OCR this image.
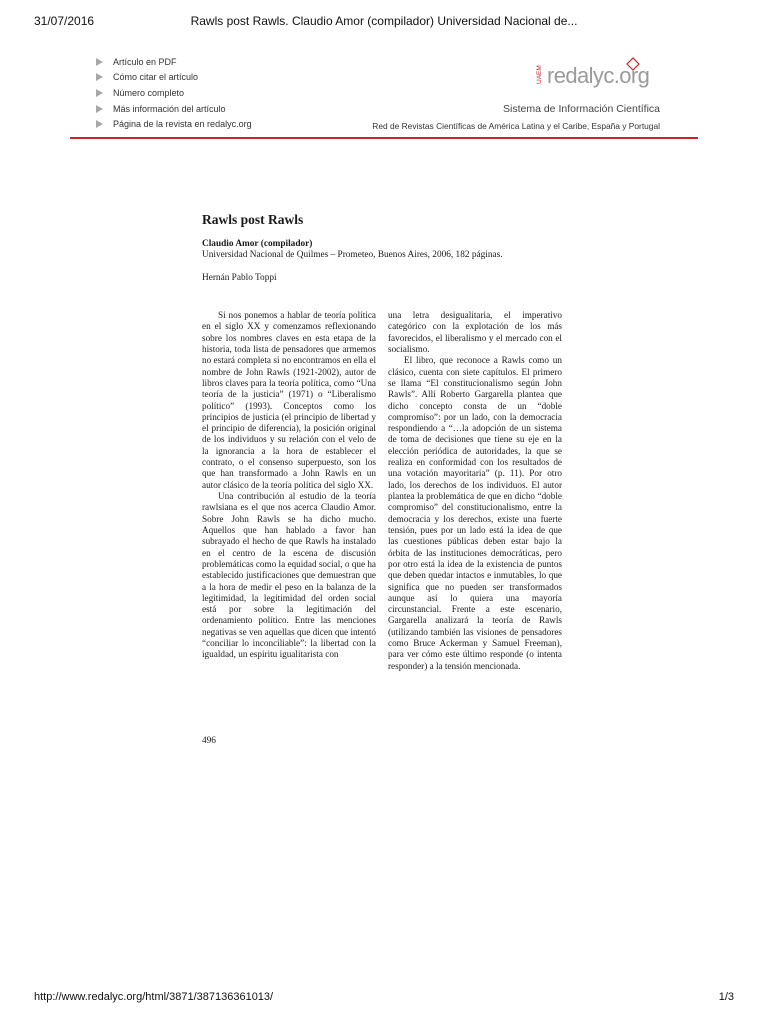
31/07/2016	Rawls post Rawls. Claudio Amor (compilador) Universidad Nacional de...
Artículo en PDF
Cómo citar el artículo
Número completo
Más información del artículo
Página de la revista en redalyc.org
UAEM redalyc.org
Sistema de Información Científica
Red de Revistas Científicas de América Latina y el Caribe, España y Portugal
Rawls post Rawls
Claudio Amor (compilador)
Universidad Nacional de Quilmes – Prometeo, Buenos Aires, 2006, 182 páginas.
Hernán Pablo Toppi

Si nos ponemos a hablar de teoría política en el siglo XX y comenzamos reflexionando sobre los nombres claves en esta etapa de la historia, toda lista de pensadores que armemos no estará completa si no encontramos en ella el nombre de John Rawls (1921-2002), autor de libros claves para la teoría política, como “Una teoría de la justicia” (1971) o “Liberalismo político” (1993). Conceptos como los principios de justicia (el principio de libertad y el principio de diferencia), la posición original de los individuos y su relación con el velo de la ignorancia a la hora de establecer el contrato, o el consenso superpuesto, son los que han transformado a John Rawls en un autor clásico de la teoría política del siglo XX.

Una contribución al estudio de la teoría rawlsiana es el que nos acerca Claudio Amor. Sobre John Rawls se ha dicho mucho. Aquellos que han hablado a favor han subrayado el hecho de que Rawls ha instalado en el centro de la escena de discusión problemáticas como la equidad social, o que ha establecido justificaciones que demuestran que a la hora de medir el peso en la balanza de la legitimidad, la legitimidad del orden social está por sobre la legitimación del ordenamiento político. Entre las menciones negativas se ven aquellas que dicen que intentó “conciliar lo inconciliable”: la libertad con la igualdad, un espíritu igualitarista con

una letra desigualitaria, el imperativo categórico con la explotación de los más favorecidos, el liberalismo y el mercado con el socialismo.

El libro, que reconoce a Rawls como un clásico, cuenta con siete capítulos. El primero se llama “El constitucionalismo según John Rawls”. Allí Roberto Gargarella plantea que dicho concepto consta de un “doble compromiso”: por un lado, con la democracia respondiendo a “…la adopción de un sistema de toma de decisiones que tiene su eje en la elección periódica de autoridades, la que se realiza en conformidad con los resultados de una votación mayoritaria” (p. 11). Por otro lado, los derechos de los individuos. El autor plantea la problemática de que en dicho “doble compromiso” del constitucionalismo, entre la democracia y los derechos, existe una fuerte tensión, pues por un lado está la idea de que las cuestiones públicas deben estar bajo la órbita de las instituciones democráticas, pero por otro está la idea de la existencia de puntos que deben quedar intactos e inmutables, lo que significa que no pueden ser transformados aunque así lo quiera una mayoría circunstancial. Frente a este escenario, Gargarella analizará la teoría de Rawls (utilizando también las visiones de pensadores como Bruce Ackerman y Samuel Freeman), para ver cómo este último responde (o intenta responder) a la tensión mencionada.

496
http://www.redalyc.org/html/3871/387136361013/	1/3
